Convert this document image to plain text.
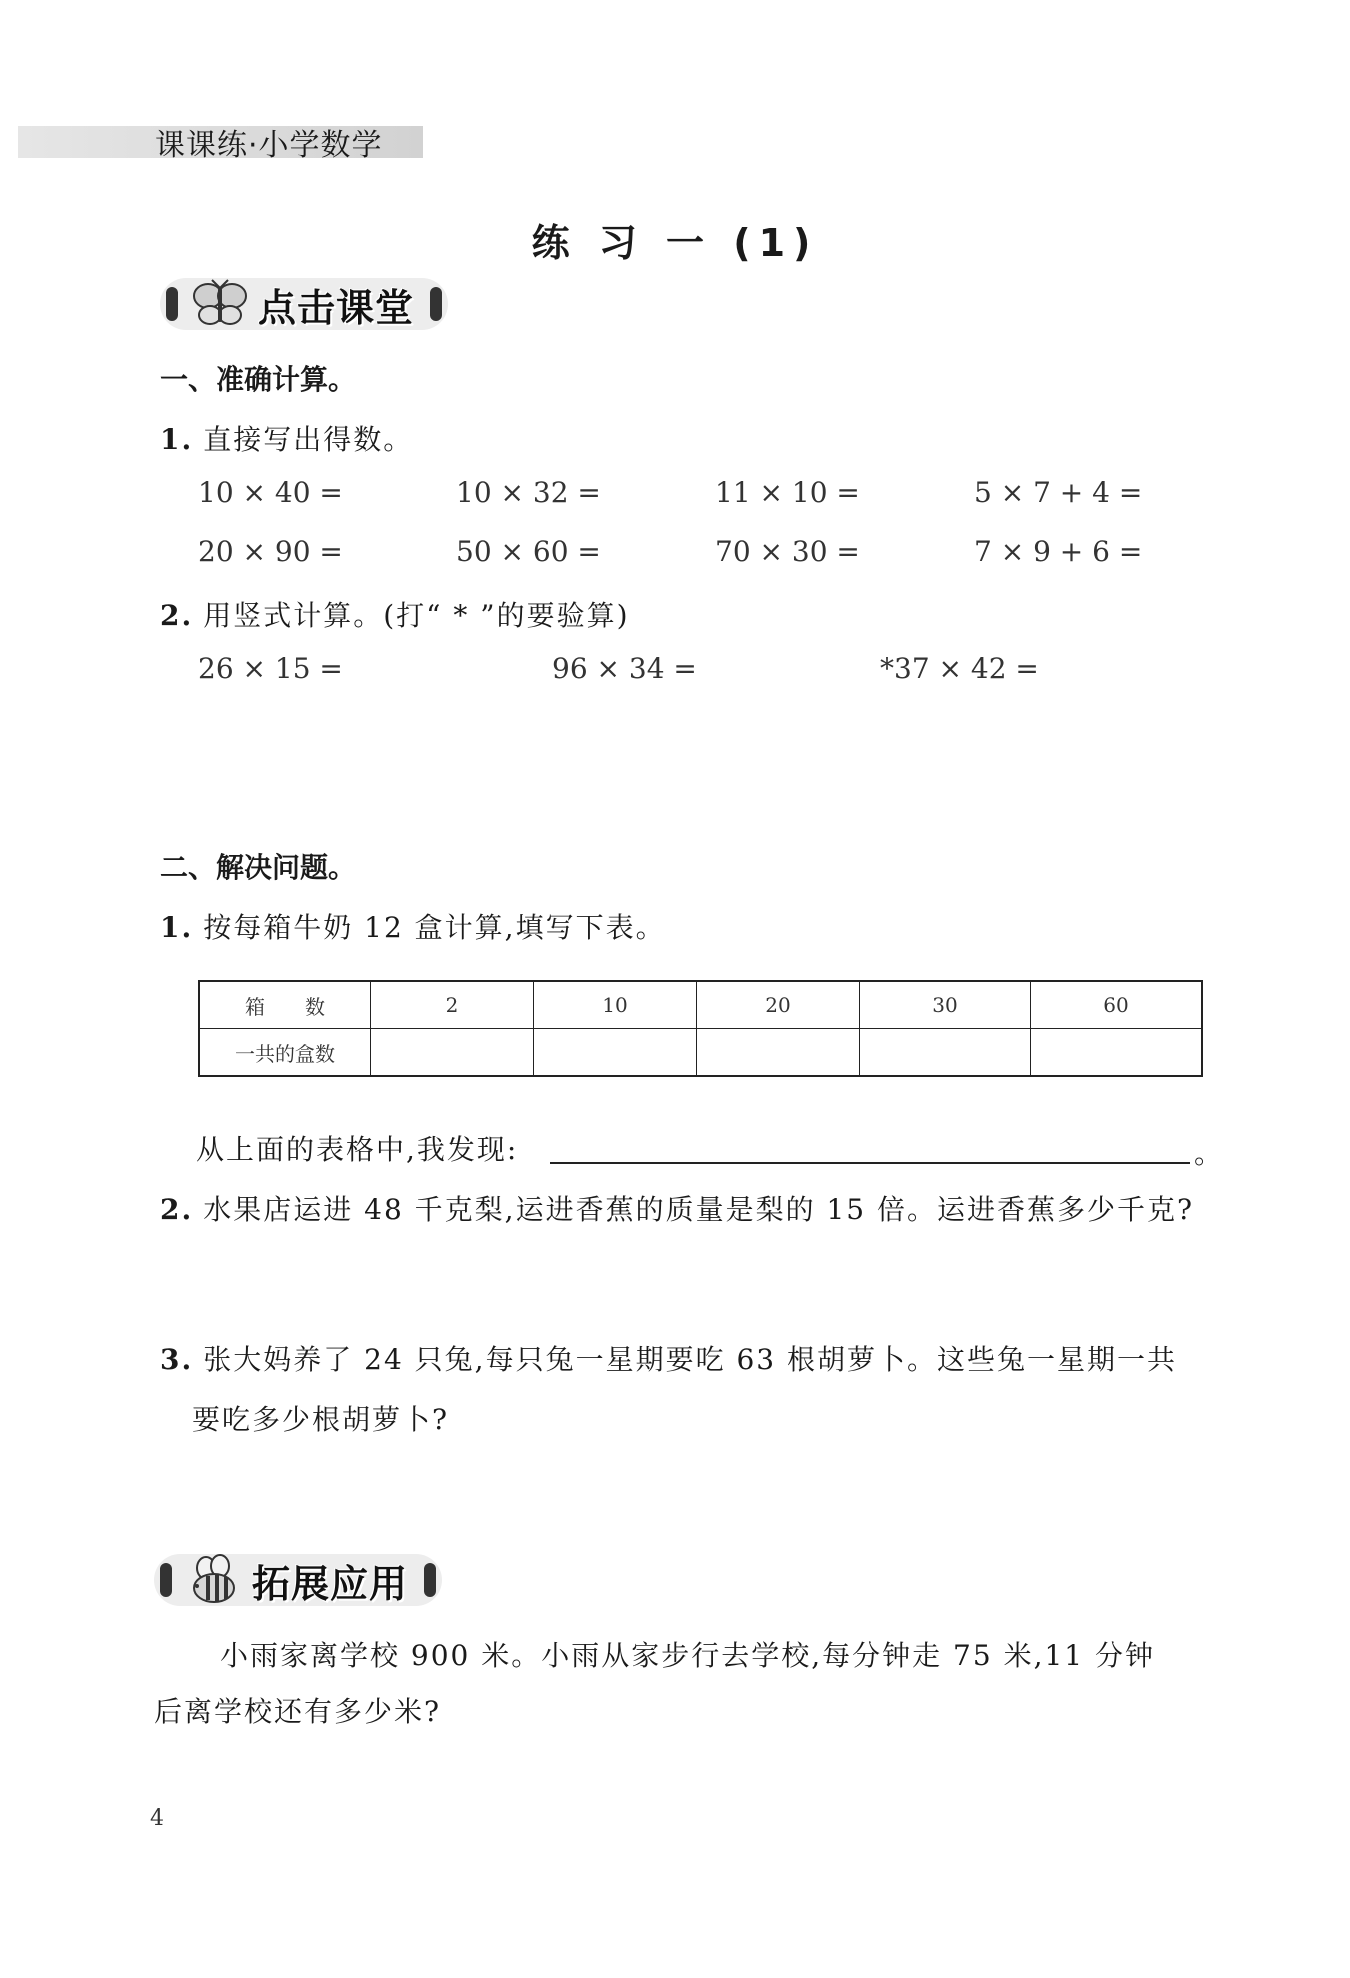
课课练·小学数学
练 习 一 (1)
点击课堂
一、准确计算。
1. 直接写出得数。
10 × 40 =	10 × 32 =	11 × 10 =	5 × 7 + 4 =
20 × 90 =	50 × 60 =	70 × 30 =	7 × 9 + 6 =
2. 用竖式计算。(打“ * ”的要验算)
26 × 15 =	96 × 34 =	*37 × 42 =
二、解决问题。
1. 按每箱牛奶 12 盒计算,填写下表。
箱　　数	2	10	20	30	60
一共的盒数					
从上面的表格中,我发现:	。
2. 水果店运进 48 千克梨,运进香蕉的质量是梨的 15 倍。运进香蕉多少千克?
3. 张大妈养了 24 只兔,每只兔一星期要吃 63 根胡萝卜。这些兔一星期一共
要吃多少根胡萝卜?
拓展应用
小雨家离学校 900 米。小雨从家步行去学校,每分钟走 75 米,11 分钟
后离学校还有多少米?
4
